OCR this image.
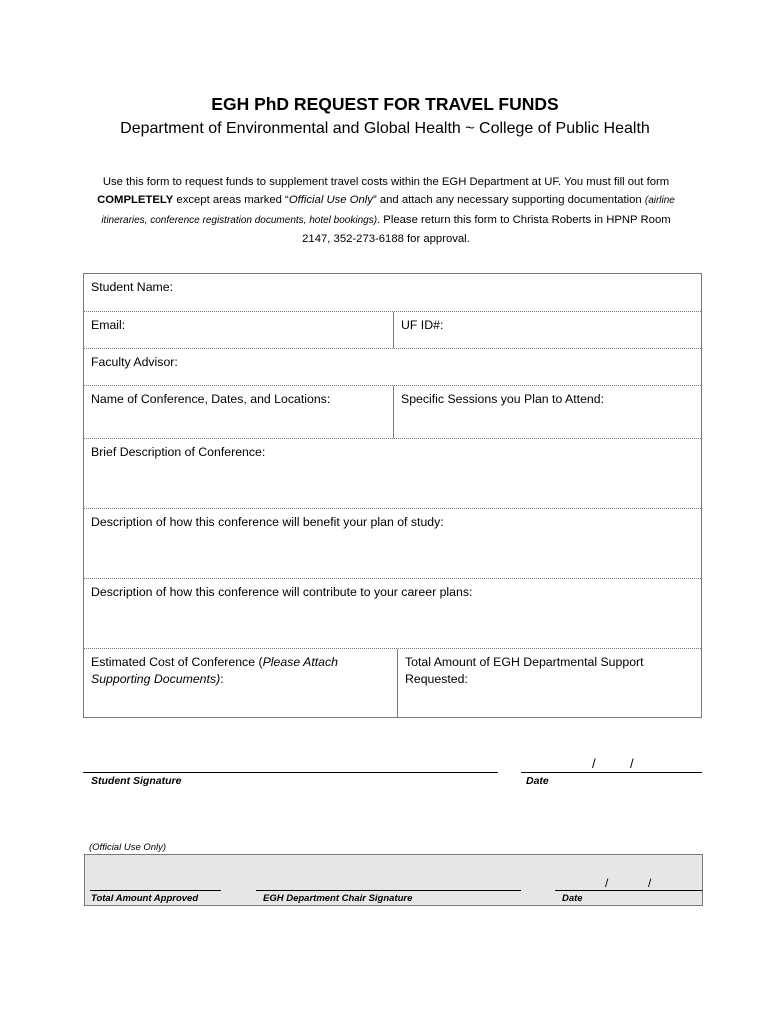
EGH PhD REQUEST FOR TRAVEL FUNDS
Department of Environmental and Global Health ~ College of Public Health
Use this form to request funds to supplement travel costs within the EGH Department at UF. You must fill out form COMPLETELY except areas marked “Official Use Only” and attach any necessary supporting documentation (airline itineraries, conference registration documents, hotel bookings). Please return this form to Christa Roberts in HPNP Room 2147, 352-273-6188 for approval.
Student Name:
Email:	UF ID#:
Faculty Advisor:
Name of Conference, Dates, and Locations:	Specific Sessions you Plan to Attend:
Brief Description of Conference:
Description of how this conference will benefit your plan of study:
Description of how this conference will contribute to your career plans:
Estimated Cost of Conference (Please Attach Supporting Documents):
Total Amount of EGH Departmental Support Requested:
Student Signature
/	/
Date
(Official Use Only)
Total Amount Approved	EGH Department Chair Signature
/	/
Date
